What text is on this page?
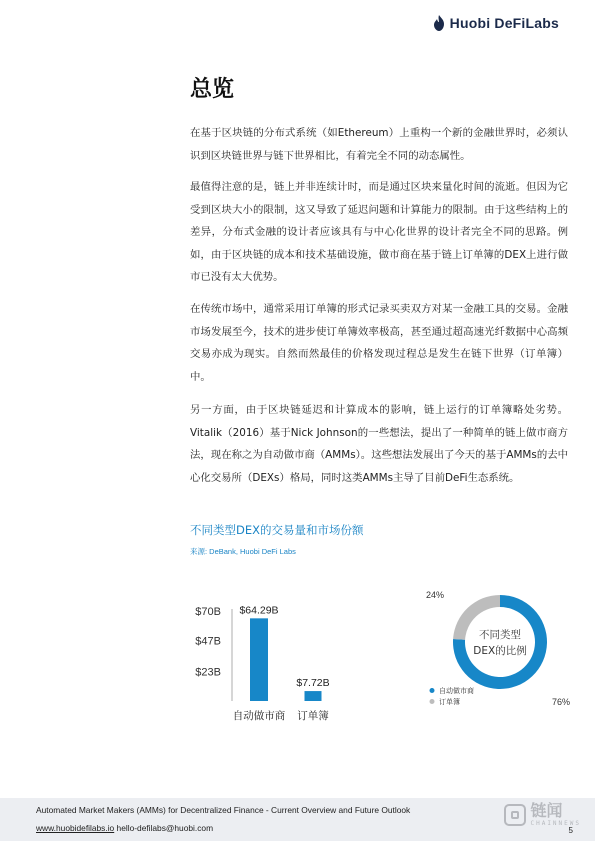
Huobi DeFiLabs
总览

在基于区块链的分布式系统（如Ethereum）上重构一个新的金融世界时，必须认识到区块链世界与链下世界相比，有着完全不同的动态属性。

最值得注意的是，链上并非连续计时，而是通过区块来量化时间的流逝。但因为它受到区块大小的限制，这又导致了延迟问题和计算能力的限制。由于这些结构上的差异，分布式金融的设计者应该具有与中心化世界的设计者完全不同的思路。例如，由于区块链的成本和技术基础设施，做市商在基于链上订单簿的DEX上进行做市已没有太大优势。

在传统市场中，通常采用订单簿的形式记录买卖双方对某一金融工具的交易。金融市场发展至今，技术的进步使订单簿效率极高，甚至通过超高速光纤数据中心高频交易亦成为现实。自然而然最佳的价格发现过程总是发生在链下世界（订单簿）中。

另一方面，由于区块链延迟和计算成本的影响，链上运行的订单簿略处劣势。Vitalik（2016）基于Nick Johnson的一些想法，提出了一种简单的链上做市商方法，现在称之为自动做市商（AMMs）。这些想法发展出了今天的基于AMMs的去中心化交易所（DEXs）格局，同时这类AMMs主导了目前DeFi生态系统。

不同类型DEX的交易量和市场份额
来源: DeBank, Huobi DeFi Labs
$23B
$47B
$70B $64.29B
自动做市商
$7.72B
订单簿
24%
76%
不同类型
DEX的比例
自动做市商
订单簿
Automated Market Makers (AMMs) for Decentralized Finance - Current Overview and Future Outlook
www.huobidefilabs.io hello-defilabs@huobi.com	5
链闻
CHAINNEWS
